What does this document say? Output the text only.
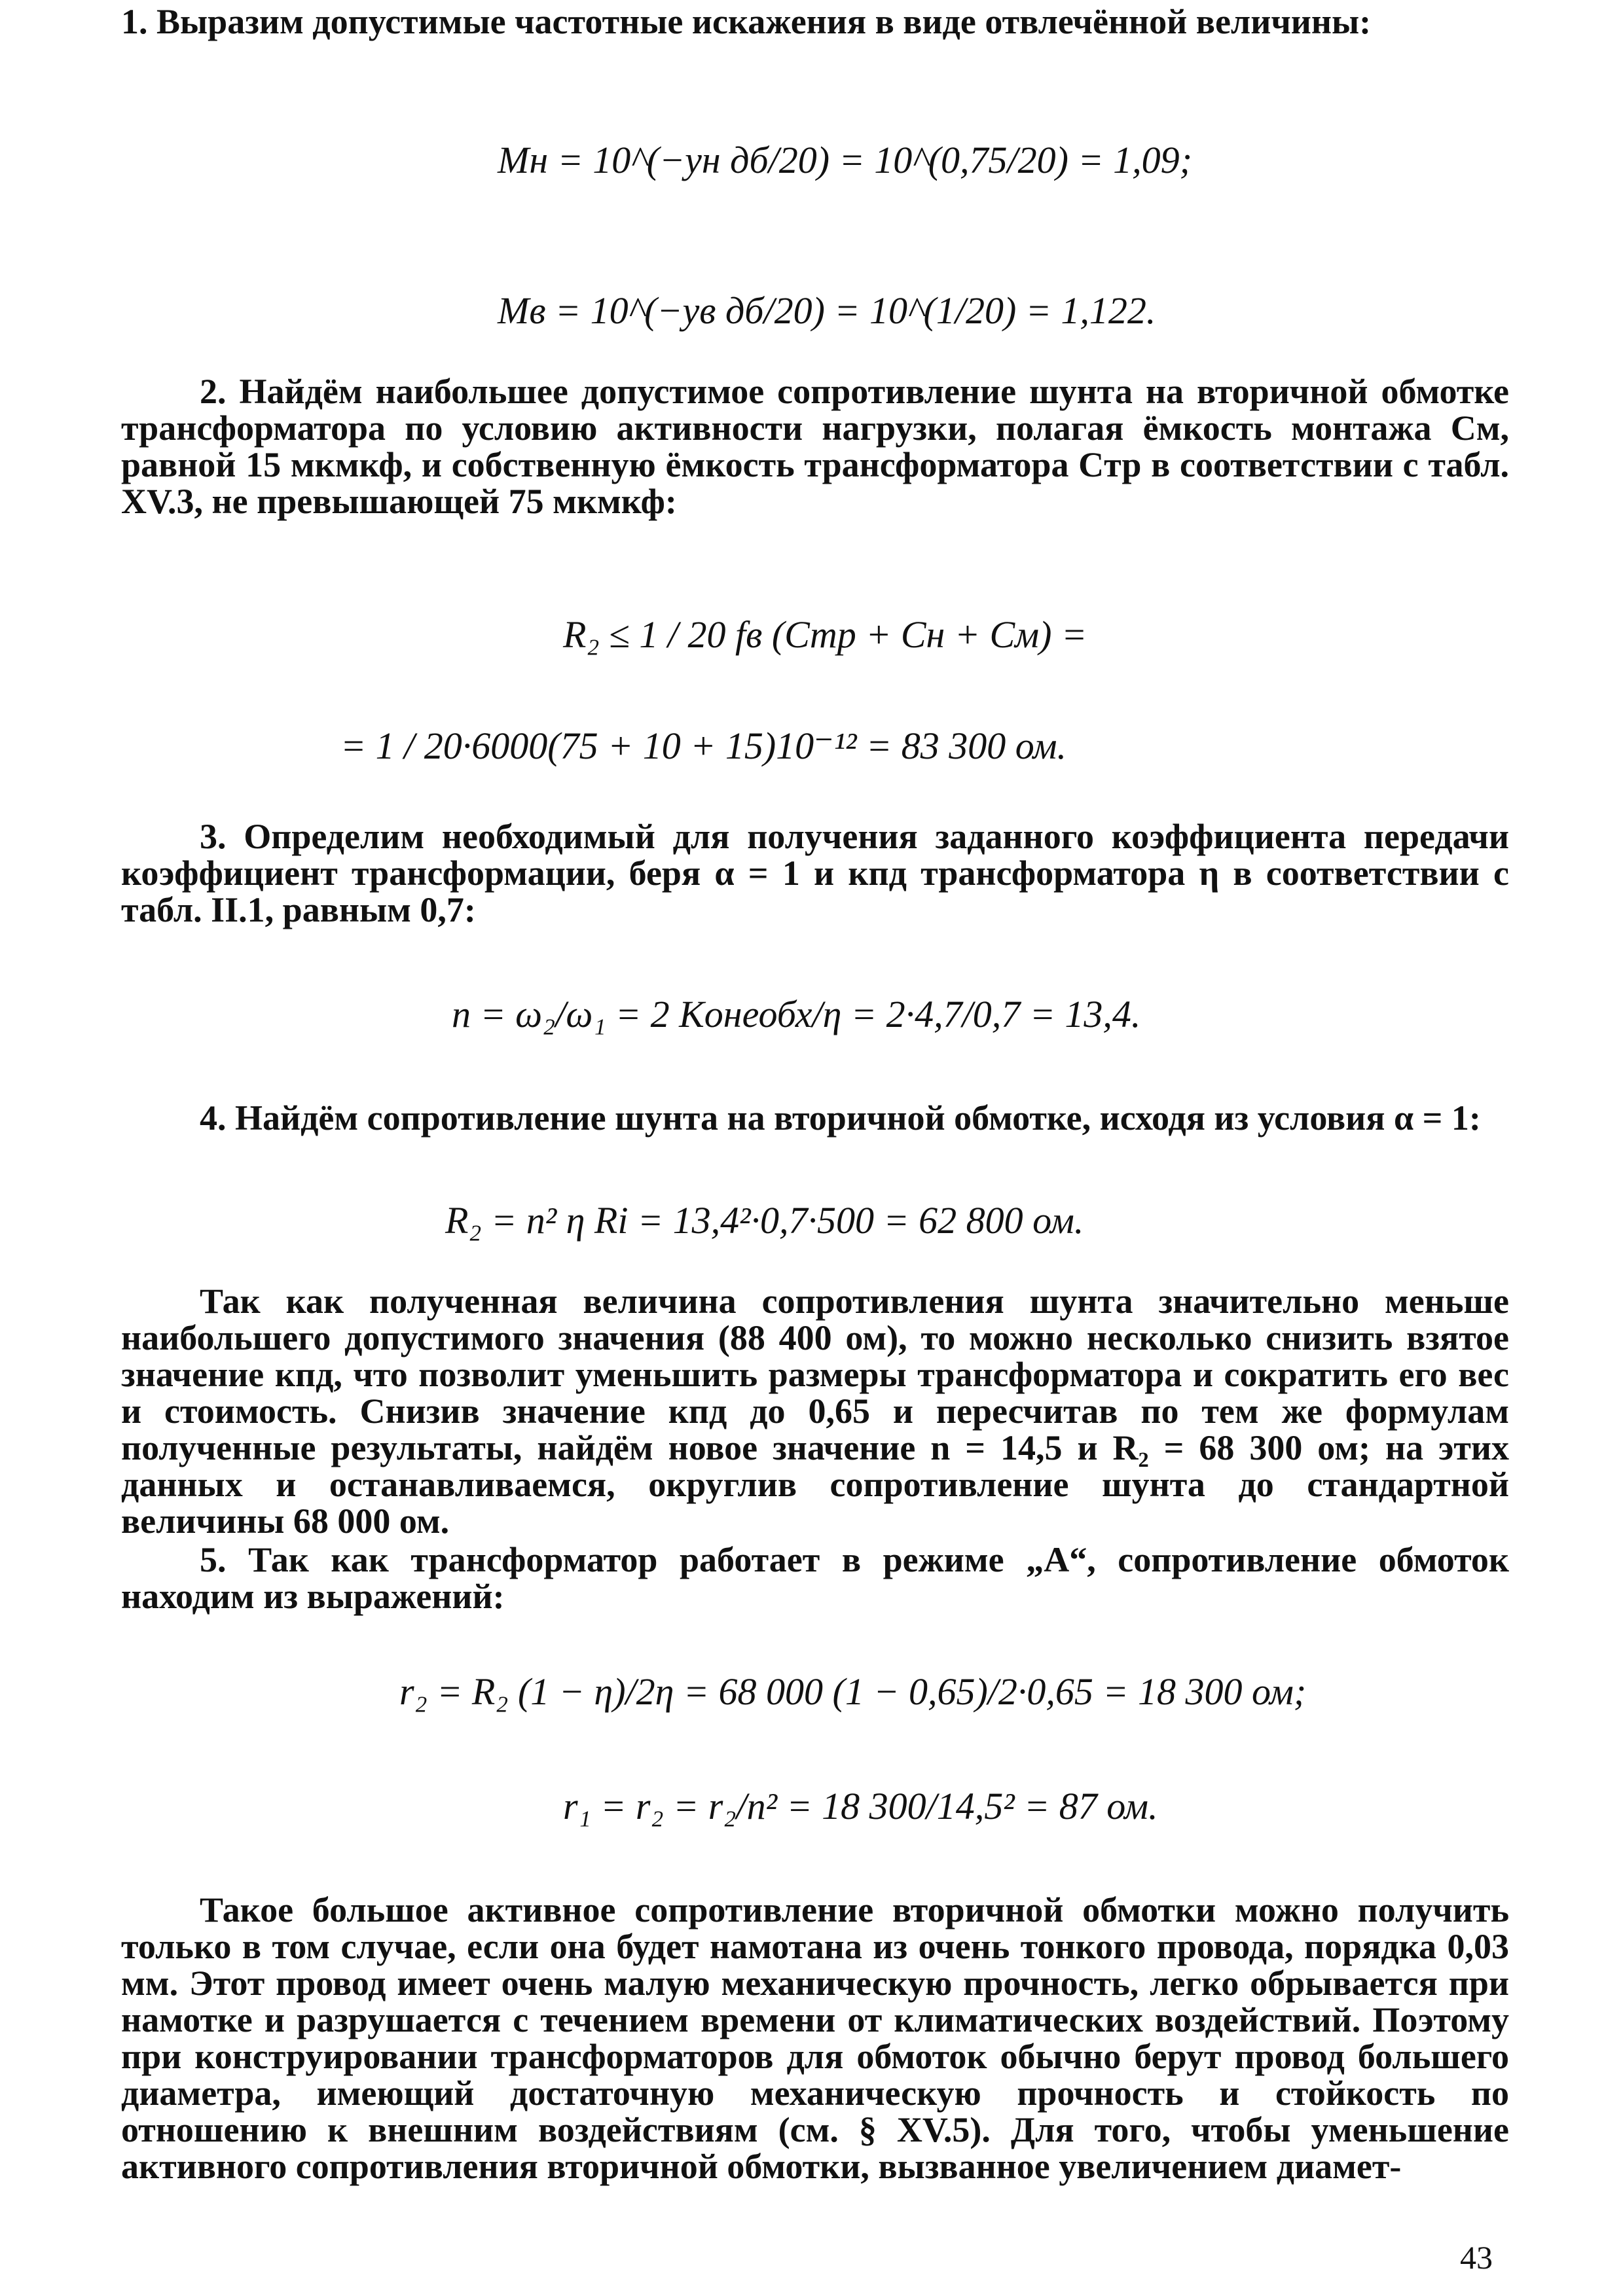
1. Выразим допустимые частотные искажения в виде отвлечённой величины:
Mн = 10^(−yн дб/20) = 10^(0,75/20) = 1,09;
Mв = 10^(−yв дб/20) = 10^(1/20) = 1,122.
2. Найдём наибольшее допустимое сопротивление шунта на вторичной обмотке трансформатора по условию активности нагрузки, полагая ёмкость монтажа Cм, равной 15 мкмкф, и собственную ёмкость трансформатора Cтр в соответствии с табл. XV.3, не превышающей 75 мкмкф:
R₂ ≤ 1 / 20 fв (Cтр + Cн + Cм) =
= 1 / 20·6000(75 + 10 + 15)10⁻¹² = 83 300 ом.
3. Определим необходимый для получения заданного коэффициента передачи коэффициент трансформации, беря α = 1 и кпд трансформатора η в соответствии с табл. II.1, равным 0,7:
n = ω₂/ω₁ = 2 Kонеобх/η = 2·4,7/0,7 = 13,4.
4. Найдём сопротивление шунта на вторичной обмотке, исходя из условия α = 1:
R₂ = n² η Ri = 13,4²·0,7·500 = 62 800 ом.
Так как полученная величина сопротивления шунта значительно меньше наибольшего допустимого значения (88 400 ом), то можно несколько снизить взятое значение кпд, что позволит уменьшить размеры трансформатора и сократить его вес и стоимость. Снизив значение кпд до 0,65 и пересчитав по тем же формулам полученные результаты, найдём новое значение n = 14,5 и R₂ = 68 300 ом; на этих данных и останавливаемся, округлив сопротивление шунта до стандартной величины 68 000 ом.
5. Так как трансформатор работает в режиме „А“, сопротивление обмоток находим из выражений:
r₂ = R₂ (1 − η)/2η = 68 000 (1 − 0,65)/2·0,65 = 18 300 ом;
r₁ = r₂ = r₂/n² = 18 300/14,5² = 87 ом.
Такое большое активное сопротивление вторичной обмотки можно получить только в том случае, если она будет намотана из очень тонкого провода, порядка 0,03 мм. Этот провод имеет очень малую механическую прочность, легко обрывается при намотке и разрушается с течением времени от климатических воздействий. Поэтому при конструировании трансформаторов для обмоток обычно берут провод большего диаметра, имеющий достаточную механическую прочность и стойкость по отношению к внешним воздействиям (см. § XV.5). Для того, чтобы уменьшение активного сопротивления вторичной обмотки, вызванное увеличением диамет-
43
